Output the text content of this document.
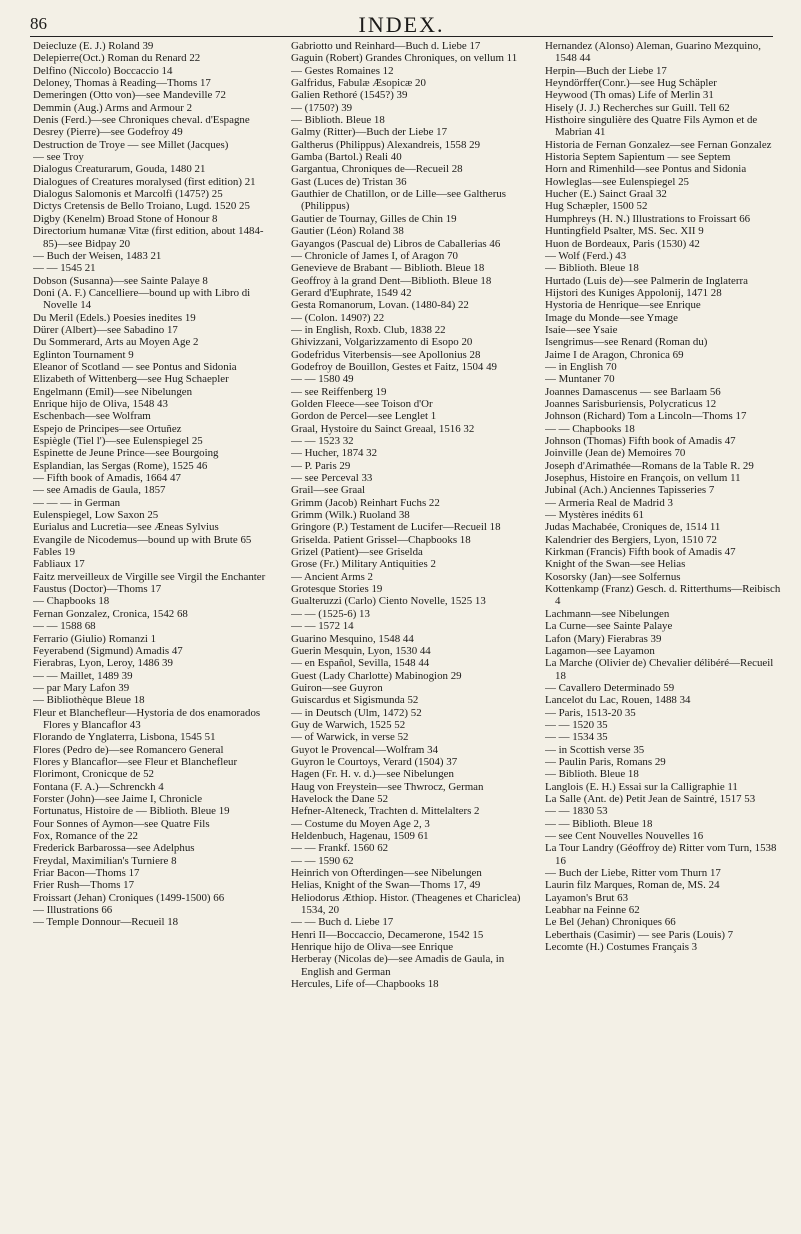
86	INDEX.

Deiecluze (E. J.) Roland 39

Delepierre(Oct.) Roman du Renard 22

Delfino (Niccolo) Boccaccio 14

Deloney, Thomas à Reading—Thoms 17

Demeringen (Otto von)—see Mandeville 72

Demmin (Aug.) Arms and Armour 2

Denis (Ferd.)—see Chroniques cheval. d'Espagne

Desrey (Pierre)—see Godefroy 49

Destruction de Troye — see Millet (Jacques)

— see Troy

Dialogus Creaturarum, Gouda, 1480 21

Dialogues of Creatures moralysed (first edition) 21

Dialogus Salomonis et Marcolfi (1475?) 25

Dictys Cretensis de Bello Troiano, Lugd. 1520 25

Digby (Kenelm) Broad Stone of Honour 8

Directorium humanæ Vitæ (first edition, about 1484-85)—see Bidpay 20

— Buch der Weisen, 1483 21

— — 1545 21

Dobson (Susanna)—see Sainte Palaye 8

Doni (A. F.) Cancelliere—bound up with Libro di Novelle 14

Du Meril (Edels.) Poesies inedites 19

Dürer (Albert)—see Sabadino 17

Du Sommerard, Arts au Moyen Age 2

Eglinton Tournament 9

Eleanor of Scotland — see Pontus and Sidonia

Elizabeth of Wittenberg—see Hug Schaepler

Engelmann (Emil)—see Nibelungen

Enrique hijo de Oliva, 1548 43

Eschenbach—see Wolfram

Espejo de Principes—see Ortuñez

Espiègle (Tiel l')—see Eulenspiegel 25

Espinette de Jeune Prince—see Bourgoing

Esplandian, las Sergas (Rome), 1525 46

— Fifth book of Amadis, 1664 47

— see Amadis de Gaula, 1857

— — — in German

Eulenspiegel, Low Saxon 25

Eurialus and Lucretia—see Æneas Sylvius

Evangile de Nicodemus—bound up with Brute 65

Fables 19

Fabliaux 17

Faitz merveilleux de Virgille see Virgil the Enchanter

Faustus (Doctor)—Thoms 17

— Chapbooks 18

Fernan Gonzalez, Cronica, 1542 68

— — 1588 68

Ferrario (Giulio) Romanzi 1

Feyerabend (Sigmund) Amadis 47

Fierabras, Lyon, Leroy, 1486 39

— — Maillet, 1489 39

— par Mary Lafon 39

— Bibliothèque Bleue 18

Fleur et Blanchefleur—Hystoria de dos enamorados Flores y Blancaflor 43

Florando de Ynglaterra, Lisbona, 1545 51

Flores (Pedro de)—see Romancero General

Flores y Blancaflor—see Fleur et Blanchefleur

Florimont, Cronicque de 52

Fontana (F. A.)—Schrenckh 4

Forster (John)—see Jaime I, Chronicle

Fortunatus, Histoire de — Biblioth. Bleue 19

Four Sonnes of Aymon—see Quatre Fils

Fox, Romance of the 22

Frederick Barbarossa—see Adelphus

Freydal, Maximilian's Turniere 8

Friar Bacon—Thoms 17

Frier Rush—Thoms 17

Froissart (Jehan) Croniques (1499-1500) 66

— Illustrations 66

— Temple Donnour—Recueil 18

Gabriotto und Reinhard—Buch d. Liebe 17

Gaguin (Robert) Grandes Chroniques, on vellum 11

— Gestes Romaines 12

Galfridus, Fabulæ Æsopicæ 20

Galien Rethoré (1545?) 39

— (1750?) 39

— Biblioth. Bleue 18

Galmy (Ritter)—Buch der Liebe 17

Galtherus (Philippus) Alexandreis, 1558 29

Gamba (Bartol.) Reali 40

Gargantua, Chroniques de—Recueil 28

Gast (Luces de) Tristan 36

Gauthier de Chatillon, or de Lille—see Galtherus (Philippus)

Gautier de Tournay, Gilles de Chin 19

Gautier (Léon) Roland 38

Gayangos (Pascual de) Libros de Caballerias 46

— Chronicle of James I, of Aragon 70

Genevieve de Brabant — Biblioth. Bleue 18

Geoffroy à la grand Dent—Biblioth. Bleue 18

Gerard d'Euphrate, 1549 42

Gesta Romanorum, Lovan. (1480-84) 22

— (Colon. 1490?) 22

— in English, Roxb. Club, 1838 22

Ghivizzani, Volgarizzamento di Esopo 20

Godefridus Viterbensis—see Apollonius 28

Godefroy de Bouillon, Gestes et Faitz, 1504 49

— — 1580 49

— see Reiffenberg 19

Golden Fleece—see Toison d'Or

Gordon de Percel—see Lenglet 1

Graal, Hystoire du Sainct Greaal, 1516 32

— — 1523 32

— Hucher, 1874 32

— P. Paris 29

— see Perceval 33

Grail—see Graal

Grimm (Jacob) Reinhart Fuchs 22

Grimm (Wilk.) Ruoland 38

Gringore (P.) Testament de Lucifer—Recueil 18

Griselda. Patient Grissel—Chapbooks 18

Grizel (Patient)—see Griselda

Grose (Fr.) Military Antiquities 2

— Ancient Arms 2

Grotesque Stories 19

Gualteruzzi (Carlo) Ciento Novelle, 1525 13

— — (1525-6) 13

— — 1572 14

Guarino Mesquino, 1548 44

Guerin Mesquin, Lyon, 1530 44

— en Español, Sevilla, 1548 44

Guest (Lady Charlotte) Mabinogion 29

Guiron—see Guyron

Guiscardus et Sigismunda 52

— in Deutsch (Ulm, 1472) 52

Guy de Warwich, 1525 52

— of Warwick, in verse 52

Guyot le Provencal—Wolfram 34

Guyron le Courtoys, Verard (1504) 37

Hagen (Fr. H. v. d.)—see Nibelungen

Haug von Freystein—see Thwrocz, German

Havelock the Dane 52

Hefner-Alteneck, Trachten d. Mittelalters 2

— Costume du Moyen Age 2, 3

Heldenbuch, Hagenau, 1509 61

— — Frankf. 1560 62

— — 1590 62

Heinrich von Ofterdingen—see Nibelungen

Helias, Knight of the Swan—Thoms 17, 49

Heliodorus Æthiop. Histor. (Theagenes et Chariclea) 1534, 20

— — Buch d. Liebe 17

Henri II—Boccaccio, Decamerone, 1542 15

Henrique hijo de Oliva—see Enrique

Herberay (Nicolas de)—see Amadis de Gaula, in English and German

Hercules, Life of—Chapbooks 18

Hernandez (Alonso) Aleman, Guarino Mezquino, 1548 44

Herpin—Buch der Liebe 17

Heyndörffer(Conr.)—see Hug Schäpler

Heywood (Th omas) Life of Merlin 31

Hisely (J. J.) Recherches sur Guill. Tell 62

Histhoire singulière des Quatre Fils Aymon et de Mabrian 41

Historia de Fernan Gonzalez—see Fernan Gonzalez

Historia Septem Sapientum — see Septem

Horn and Rimenhild—see Pontus and Sidonia

Howleglas—see Eulenspiegel 25

Hucher (E.) Sainct Graal 32

Hug Schæpler, 1500 52

Humphreys (H. N.) Illustrations to Froissart 66

Huntingfield Psalter, MS. Sec. XII 9

Huon de Bordeaux, Paris (1530) 42

— Wolf (Ferd.) 43

— Biblioth. Bleue 18

Hurtado (Luis de)—see Palmerin de Inglaterra

Hijstori des Kuniges Appolonij, 1471 28

Hystoria de Henrique—see Enrique

Image du Monde—see Ymage

Isaie—see Ysaie

Isengrimus—see Renard (Roman du)

Jaime I de Aragon, Chronica 69

— in English 70

— Muntaner 70

Joannes Damascenus — see Barlaam 56

Joannes Sarisburiensis, Polycraticus 12

Johnson (Richard) Tom a Lincoln—Thoms 17

— — Chapbooks 18

Johnson (Thomas) Fifth book of Amadis 47

Joinville (Jean de) Memoires 70

Joseph d'Arimathée—Romans de la Table R. 29

Josephus, Histoire en François, on vellum 11

Jubinal (Ach.) Anciennes Tapisseries 7

— Armeria Real de Madrid 3

— Mystères inédits 61

Judas Machabée, Croniques de, 1514 11

Kalendrier des Bergiers, Lyon, 1510 72

Kirkman (Francis) Fifth book of Amadis 47

Knight of the Swan—see Helias

Kosorsky (Jan)—see Solfernus

Kottenkamp (Franz) Gesch. d. Ritterthums—Reibisch 4

Lachmann—see Nibelungen

La Curne—see Sainte Palaye

Lafon (Mary) Fierabras 39

Lagamon—see Layamon

La Marche (Olivier de) Chevalier délibéré—Recueil 18

— Cavallero Determinado 59

Lancelot du Lac, Rouen, 1488 34

— Paris, 1513-20 35

— — 1520 35

— — 1534 35

— in Scottish verse 35

— Paulin Paris, Romans 29

— Biblioth. Bleue 18

Langlois (E. H.) Essai sur la Calligraphie 11

La Salle (Ant. de) Petit Jean de Saintré, 1517 53

— — 1830 53

— — Biblioth. Bleue 18

— see Cent Nouvelles Nouvelles 16

La Tour Landry (Géoffroy de) Ritter vom Turn, 1538 16

— Buch der Liebe, Ritter vom Thurn 17

Laurin filz Marques, Roman de, MS. 24

Layamon's Brut 63

Leabhar na Feinne 62

Le Bel (Jehan) Chroniques 66

Leberthais (Casimir) — see Paris (Louis) 7

Lecomte (H.) Costumes Français 3
